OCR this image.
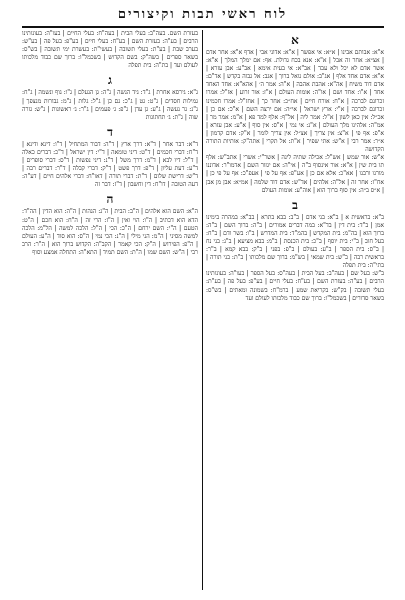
לוח ראשי תבות וקיצורים
א

א"א: אבותם אבינו | א״א: אי אפשר | א"א: אדוני אבי | אדף א"א: אחר אדם | אצ״א: אחר זה אבל | א"א: אנא בכח גדולת. אף: אם ימלך המלך | א"א: אשר אדם לא יכל ולא עבד | אב"א: אי בעית אימא | אב"ע: אבן עזרא | א"א: אדם אחד אלף | אג"ב: אולם גואל ברוך | אגב: אל גבוה בקדש | אד"ם: אדם דוד משיח | אה"א: אהבת אהבה | א"ה: אמר ה׳ | אהא"א: אחד האחד אחד | א"ו: אחד ושם | או"ה: אומות העולם | א"ז: אור זרוע | אז"ל: אמרו זכרונם לברכה | א"ח: אורח חיים | אח״כ: אחר כך | אחז"ל: אמרו חכמינו זכרונם לברכה | א"י: ארץ ישראל | אי״ה: אם ירצה השם | א"כ: אם כן | אכ״ל: אין כאן לשון | א"ל: אמר ליה | אל"ף: אלף למד פא | א"מ: אמר מר | אמ"ה: אלהינו מלך העולם | א"נ: אי נמי | א"ס: אין סוף | א"ע: אבן עזרא | א"פ: אף פי | א"צ: אין צריך | אצ״ל: אין צריך לומר | א"ק: אדם קדמון | א״ר: אמר רבי | א"ש: אתי שפיר | א"ת: אל תקרי | אתה"ק: אותיות התורה הקדושה

א"ש: אור שמש | אש"ל: אכילה שתיה לינה | אשר"י: אשרי | אתב"ש: אלף תו בית שין | א"א: אור אינסוף ב"ה | אי"ה: אם יגזור השם | אדמו"ר: אדוננו מורנו ורבנו | אא"כ: אלא אם כן | אע"פ: אף על פי | אעפ"כ: אף על פי כן | אח"ז: אחר זה | אל"ה: אלהים | אד"ש: אדם דוד שלמה | אמ״א: אבן מן אבן | א״ס ב״ה: אין סוף ברוך הוא | אוה"ע: אומות העולם

ב

ב"א: בראשית א | ב"א: בני אדם | ב"ב: בבא בתרא | בב"א: במהרה בימינו אמן | ב"ד: בית דין | בד"א: במה דברים אמורים | ב"ה: ברוך השם | ב"ה: ברוך הוא | בה"מ: בית המקדש | בהמ"ד: בית המדרש | ב"ו: בשר ודם | ב"ח: בעל חוב | ב"י: בית יוסף | ב"כ: בית הכנסת | ב"מ: בבא מציעא | ב"נ: בני נח | ב"ס: בית הספר | ב"ע: בעולם | ב"פ: בפני | ב"ק: בבא קמא | ב"ר: בראשית רבה | ב"ש: בית שמאי | בש"מ: ברוך שם מלכותו | ב"ת: בני תורה | בתי"ה: בית תפלה

ב"ש: בעל שם | בעה"ב: בעל הבית | בעה"ס: בעל הספר | בעו"ה: בעונותינו הרבים | בע"ה: בעזרת השם | בע"ח: בעלי חיים | בע"פ: בעל פה | בע"ת: בעלי תשובה | בק"ש: בקריאת שמע | ברמ"ח: בשמונה ומאתים | בש"ס: בשאר סדורים | בשכמל"ו: ברוך שם כבוד מלכותו לעולם ועד

בעזרת השם. בעה"ב: בעלי הבית | בעה"ח: בעלי החיים | בעו"ה: בעונותינו הרבים | בע"ה: בעזרת השם | בע"ח: בעלי חיים | בע"פ: בעל פה | בע"ש: בערב שבת | בע"ת: בעלי תשובה | בעשי"ת: בעשרת ימי תשובה | בש"ס: בשאר ספרים | בשה"ק: בשם הקדוש | בשכמל"ו: ברוך שם כבוד מלכותו לעולם ועד | בת"ה: בית תפלה

ג

ג"א: גירסא אחרת | ג"ד: גיד הנשה | ג"ה: גן הנעלם | ג"ו: גוף ונשמה | ג"ח: גמילות חסדים | ג"ט: גט | ג"כ: גם כן | ג"ל: גלות | ג"מ: גבורות מנצפך | ג"נ: גר נעשה | ג"ע: גן עדן | ג"פ: ג׳ פעמים | ג"ר: ג׳ ראשונות | ג"ש: גזרה שוה | ג"ת: ג׳ תחתונות

ד

ד"א: דבר אחר | ד"א: דרך ארץ | ד"ה: דבור המתחיל | ד"ו: דינא ודינא | ד"ח: דברי חכמים | ד"ט: דיני טומאה | ד"י: דין ישראל | ד"כ: דברים כאלה | ד"ל: דיו לבא | ד"מ: דרך משל | ד"נ: דיני נפשות | ד"ס: דברי סופרים | ד"ע: דעת עליון | ד"פ: דרך פשט | ד"ק: דברי קבלה | ד"ר: דברים רבה | ד"ש: דרישת שלום | ד"ת: דברי תורה | דאו"ח: דברי אלהים חיים | דע"ה: דעה הטובה | דו"ח: דין וחשבון | ד"ז: דבר זה

ה

ה"א: השם הוא אלהים | ה"ב: הבית | ה"ג: הגהות | ה"ה: הוא הדין | הה"ד: הדא הוא דכתיב | ה"ו: הוי ואין | ה"ז: הרי זה | ה"ח: הוא חכם | ה"ט: הטעם | ה"י: השם ירחם | ה"כ: הכי | ה"ל: הלכה למשה | הל"מ: הלכה למשה מסיני | ה"מ: הני מילי | ה"נ: הכי נמי | ה"ס: הוא סוד | ה"ע: העולם | ה"פ: הפירוש | ה"ק: הכי קאמר | הקב"ה: הקדוש ברוך הוא | ה"ר: הרב רבי | ה"ש: השם שמו | ה"ת: השם תמיד | התא"ה: התחלה אמצע וסוף
